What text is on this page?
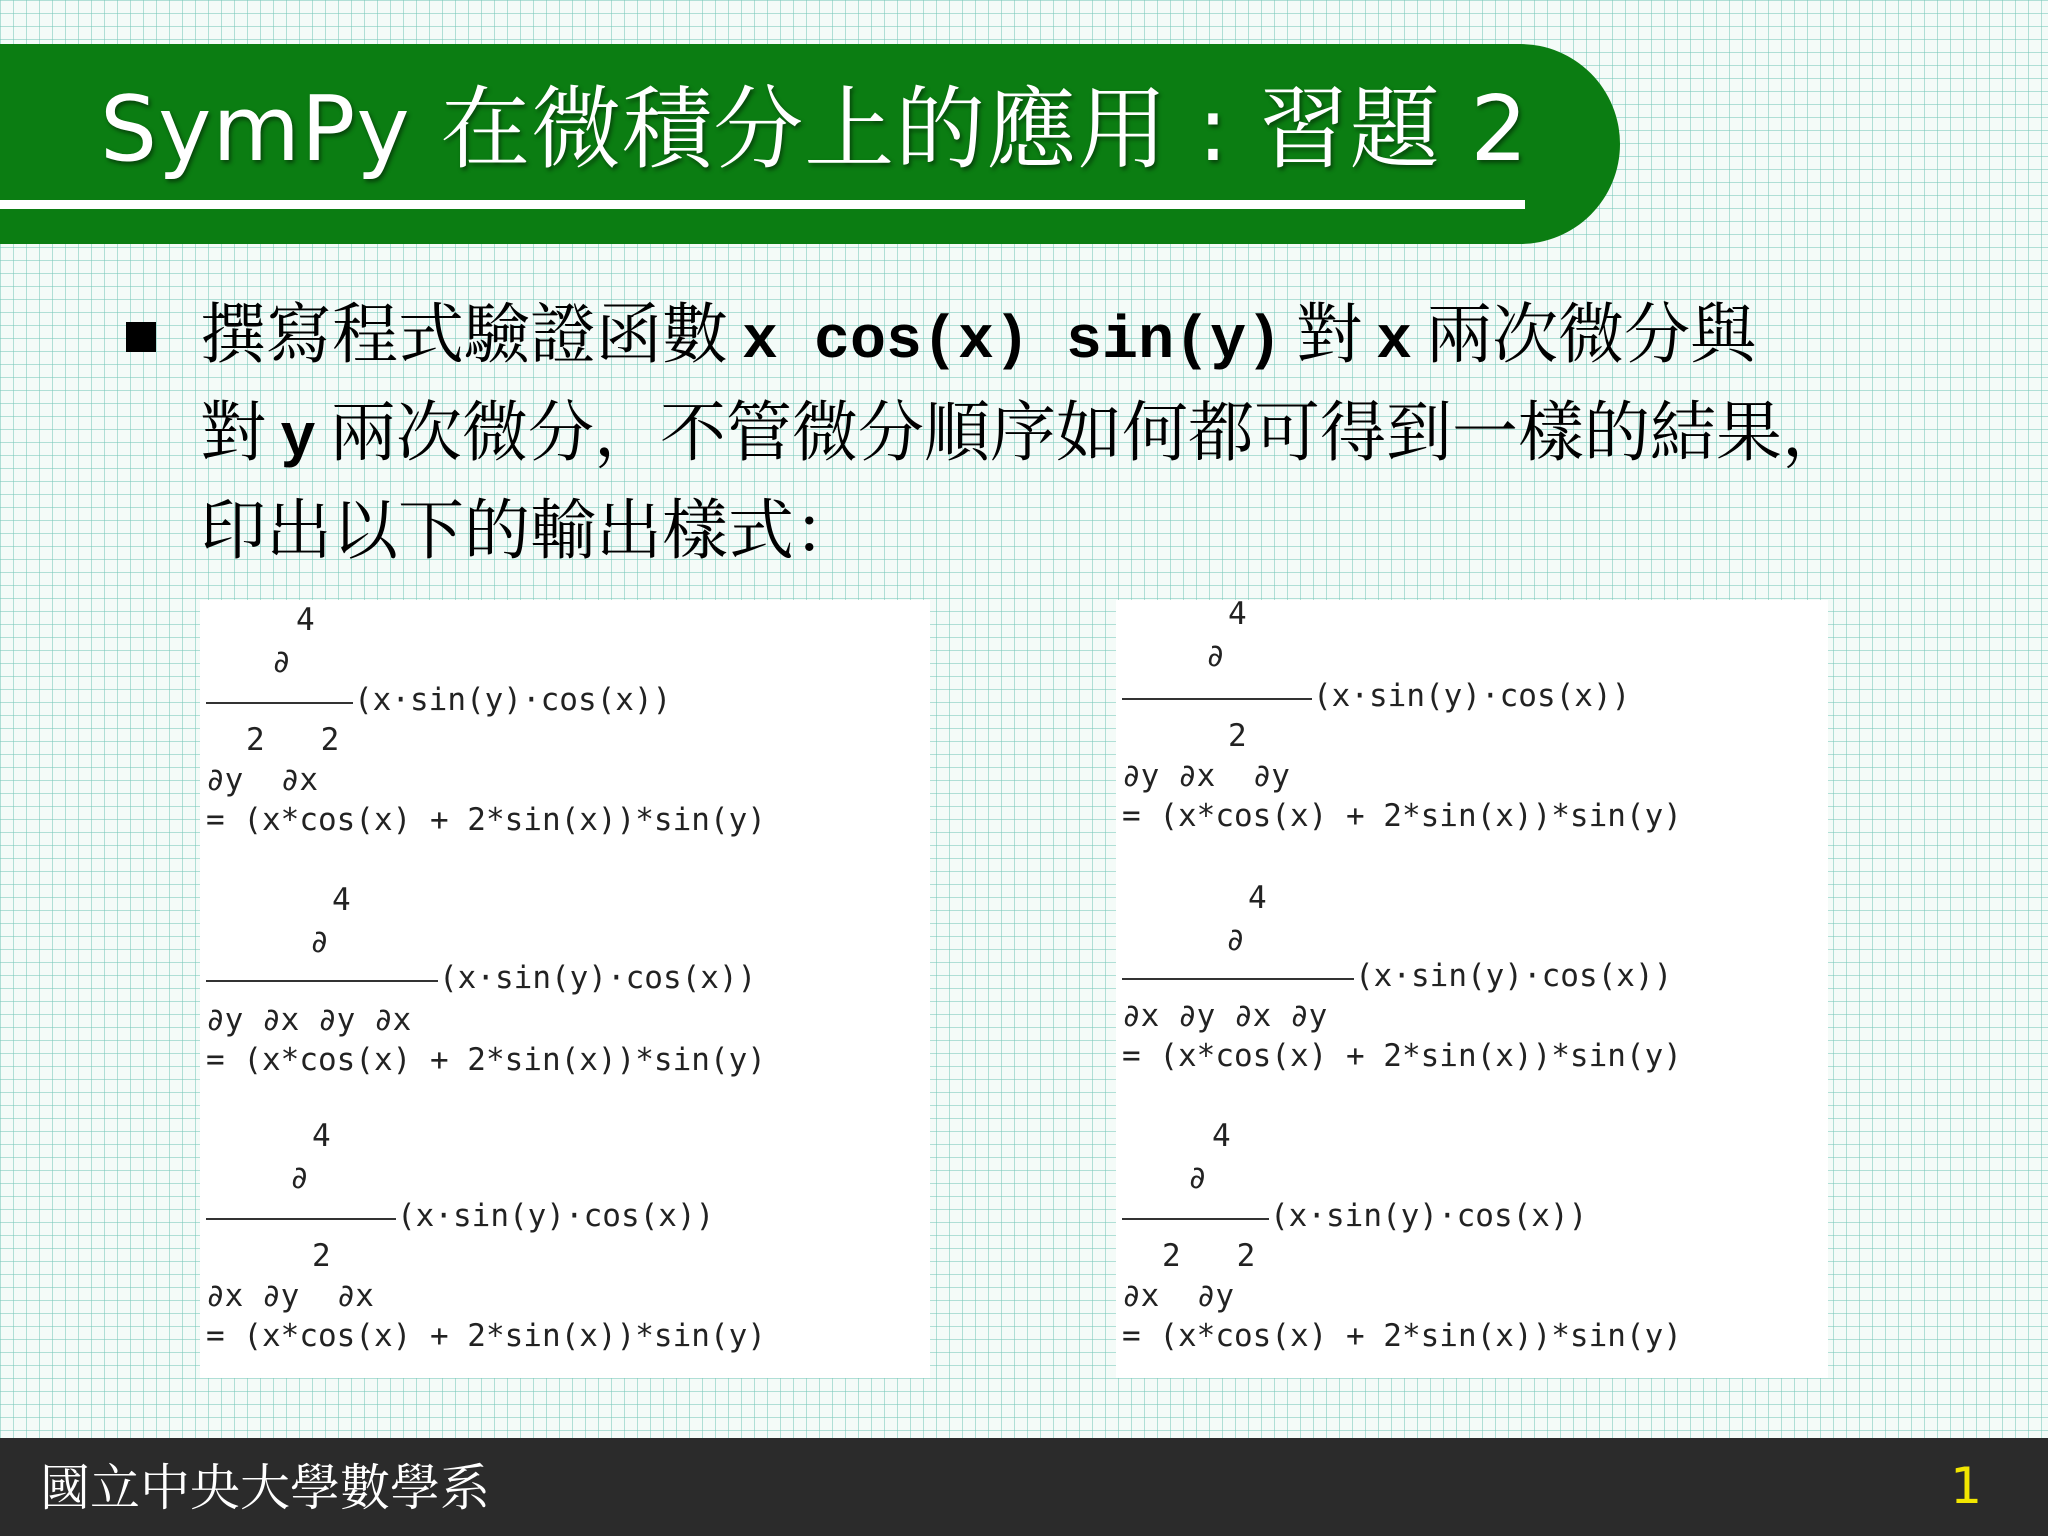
SymPy 在微積分上的應用 : 習題 2
撰寫程式驗證函數 x cos(x) sin(y) 對 x 兩次微分與
對 y 兩次微分，不管微分順序如何都可得到一樣的結果，
印出以下的輸出樣式：
4
∂
(x·sin(y)·cos(x))
2   2
∂y  ∂x
= (x*cos(x) + 2*sin(x))*sin(y)
4
∂
(x·sin(y)·cos(x))
∂y ∂x ∂y ∂x
= (x*cos(x) + 2*sin(x))*sin(y)
4
∂
(x·sin(y)·cos(x))
2
∂x ∂y  ∂x
= (x*cos(x) + 2*sin(x))*sin(y)
4
∂
(x·sin(y)·cos(x))
2
∂y ∂x  ∂y
= (x*cos(x) + 2*sin(x))*sin(y)
4
∂
(x·sin(y)·cos(x))
∂x ∂y ∂x ∂y
= (x*cos(x) + 2*sin(x))*sin(y)
4
∂
(x·sin(y)·cos(x))
2   2
∂x  ∂y
= (x*cos(x) + 2*sin(x))*sin(y)
國立中央大學數學系	1
